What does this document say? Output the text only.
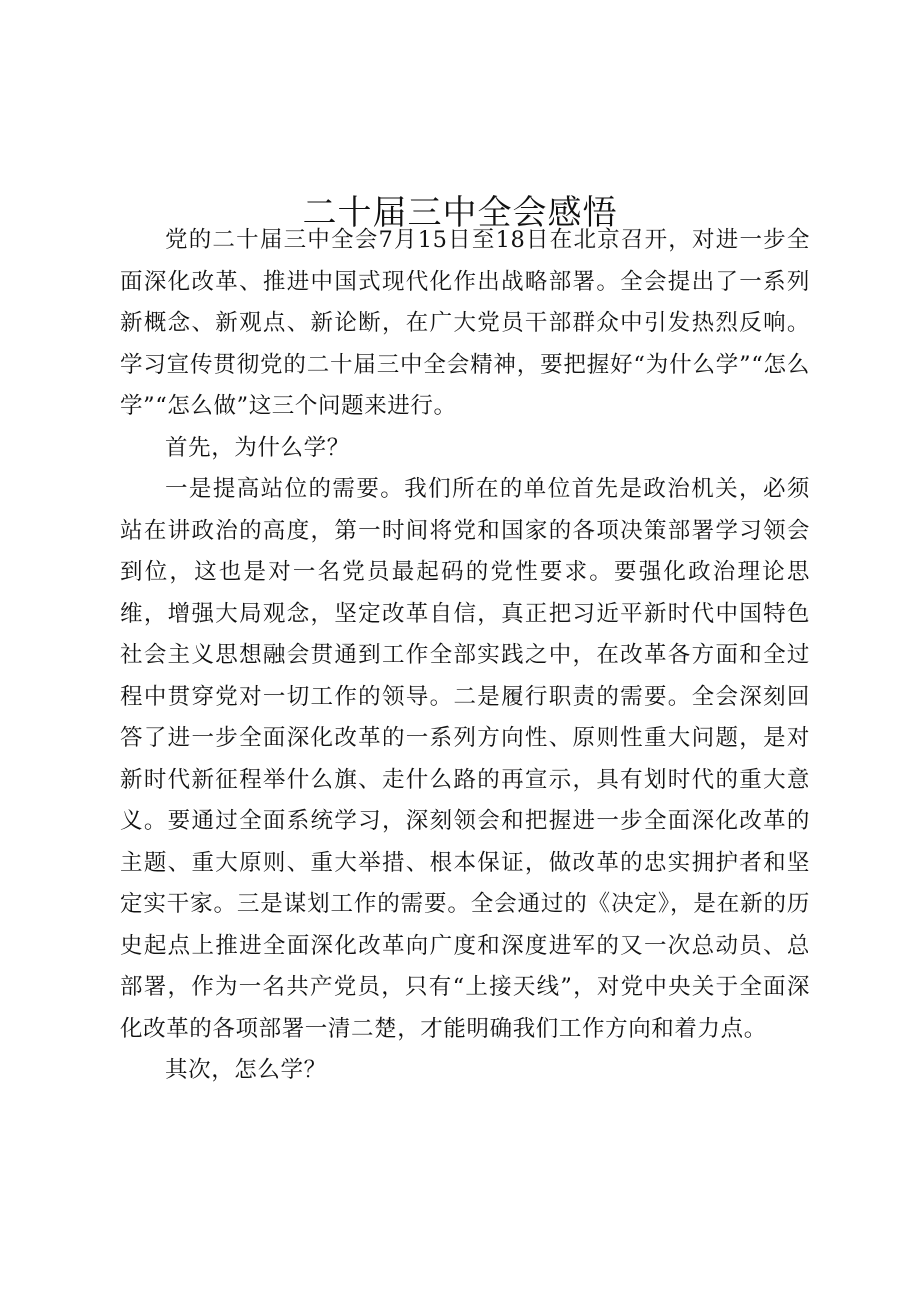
二十届三中全会感悟

党的二十届三中全会7月15日至18日在北京召开，对进一步全面深化改革、推进中国式现代化作出战略部署。全会提出了一系列新概念、新观点、新论断，在广大党员干部群众中引发热烈反响。学习宣传贯彻党的二十届三中全会精神，要把握好“为什么学”“怎么学”“怎么做”这三个问题来进行。

首先，为什么学？

一是提高站位的需要。我们所在的单位首先是政治机关，必须站在讲政治的高度，第一时间将党和国家的各项决策部署学习领会到位，这也是对一名党员最起码的党性要求。要强化政治理论思维，增强大局观念，坚定改革自信，真正把习近平新时代中国特色社会主义思想融会贯通到工作全部实践之中，在改革各方面和全过程中贯穿党对一切工作的领导。二是履行职责的需要。全会深刻回答了进一步全面深化改革的一系列方向性、原则性重大问题，是对新时代新征程举什么旗、走什么路的再宣示，具有划时代的重大意义。要通过全面系统学习，深刻领会和把握进一步全面深化改革的主题、重大原则、重大举措、根本保证，做改革的忠实拥护者和坚定实干家。三是谋划工作的需要。全会通过的《决定》，是在新的历史起点上推进全面深化改革向广度和深度进军的又一次总动员、总部署，作为一名共产党员，只有“上接天线”，对党中央关于全面深化改革的各项部署一清二楚，才能明确我们工作方向和着力点。

其次，怎么学？
